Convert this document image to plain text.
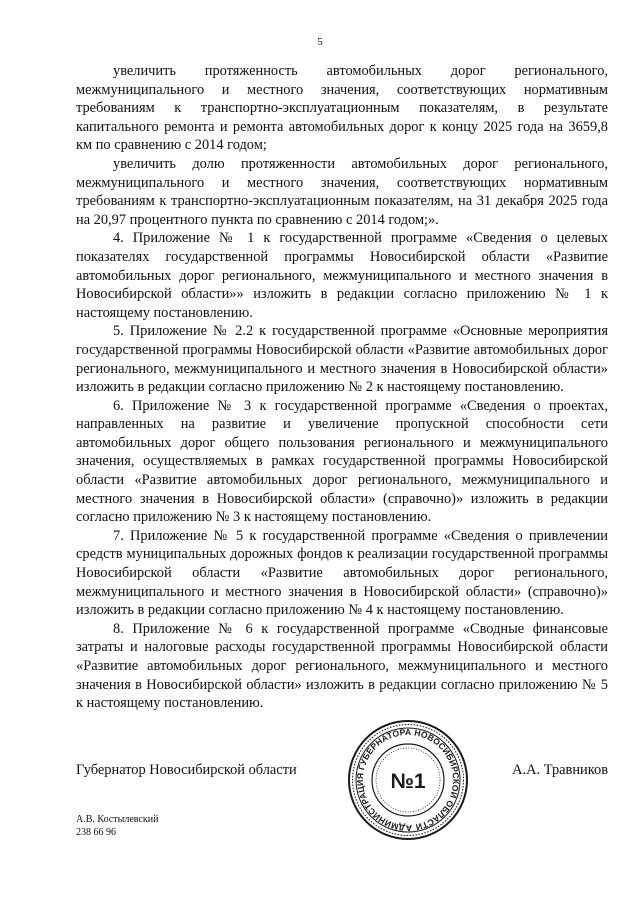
5

увеличить протяженность автомобильных дорог регионального, межмуниципального и местного значения, соответствующих нормативным требованиям к транспортно-эксплуатационным показателям, в результате капитального ремонта и ремонта автомобильных дорог к концу 2025 года на 3659,8 км по сравнению с 2014 годом;

увеличить долю протяженности автомобильных дорог регионального, межмуниципального и местного значения, соответствующих нормативным требованиям к транспортно-эксплуатационным показателям, на 31 декабря 2025 года на 20,97 процентного пункта по сравнению с 2014 годом;».

4. Приложение № 1 к государственной программе «Сведения о целевых показателях государственной программы Новосибирской области «Развитие автомобильных дорог регионального, межмуниципального и местного значения в Новосибирской области»» изложить в редакции согласно приложению № 1 к настоящему постановлению.

5. Приложение № 2.2 к государственной программе «Основные мероприятия государственной программы Новосибирской области «Развитие автомобильных дорог регионального, межмуниципального и местного значения в Новосибирской области» изложить в редакции согласно приложению № 2 к настоящему постановлению.

6. Приложение № 3 к государственной программе «Сведения о проектах, направленных на развитие и увеличение пропускной способности сети автомобильных дорог общего пользования регионального и межмуниципального значения, осуществляемых в рамках государственной программы Новосибирской области «Развитие автомобильных дорог регионального, межмуниципального и местного значения в Новосибирской области» (справочно)» изложить в редакции согласно приложению № 3 к настоящему постановлению.

7. Приложение № 5 к государственной программе «Сведения о привлечении средств муниципальных дорожных фондов к реализации государственной программы Новосибирской области «Развитие автомобильных дорог регионального, межмуниципального и местного значения в Новосибирской области» (справочно)» изложить в редакции согласно приложению № 4 к настоящему постановлению.

8. Приложение № 6 к государственной программе «Сводные финансовые затраты и налоговые расходы государственной программы Новосибирской области «Развитие автомобильных дорог регионального, межмуниципального и местного значения в Новосибирской области» изложить в редакции согласно приложению № 5 к настоящему постановлению.

Губернатор Новосибирской области	А.А. Травников
АДМИНИСТРАЦИЯ ГУБЕРНАТОРА НОВОСИБИРСКОЙ ОБЛАСТИ
№1
А.В. Костылевский
238 66 96
